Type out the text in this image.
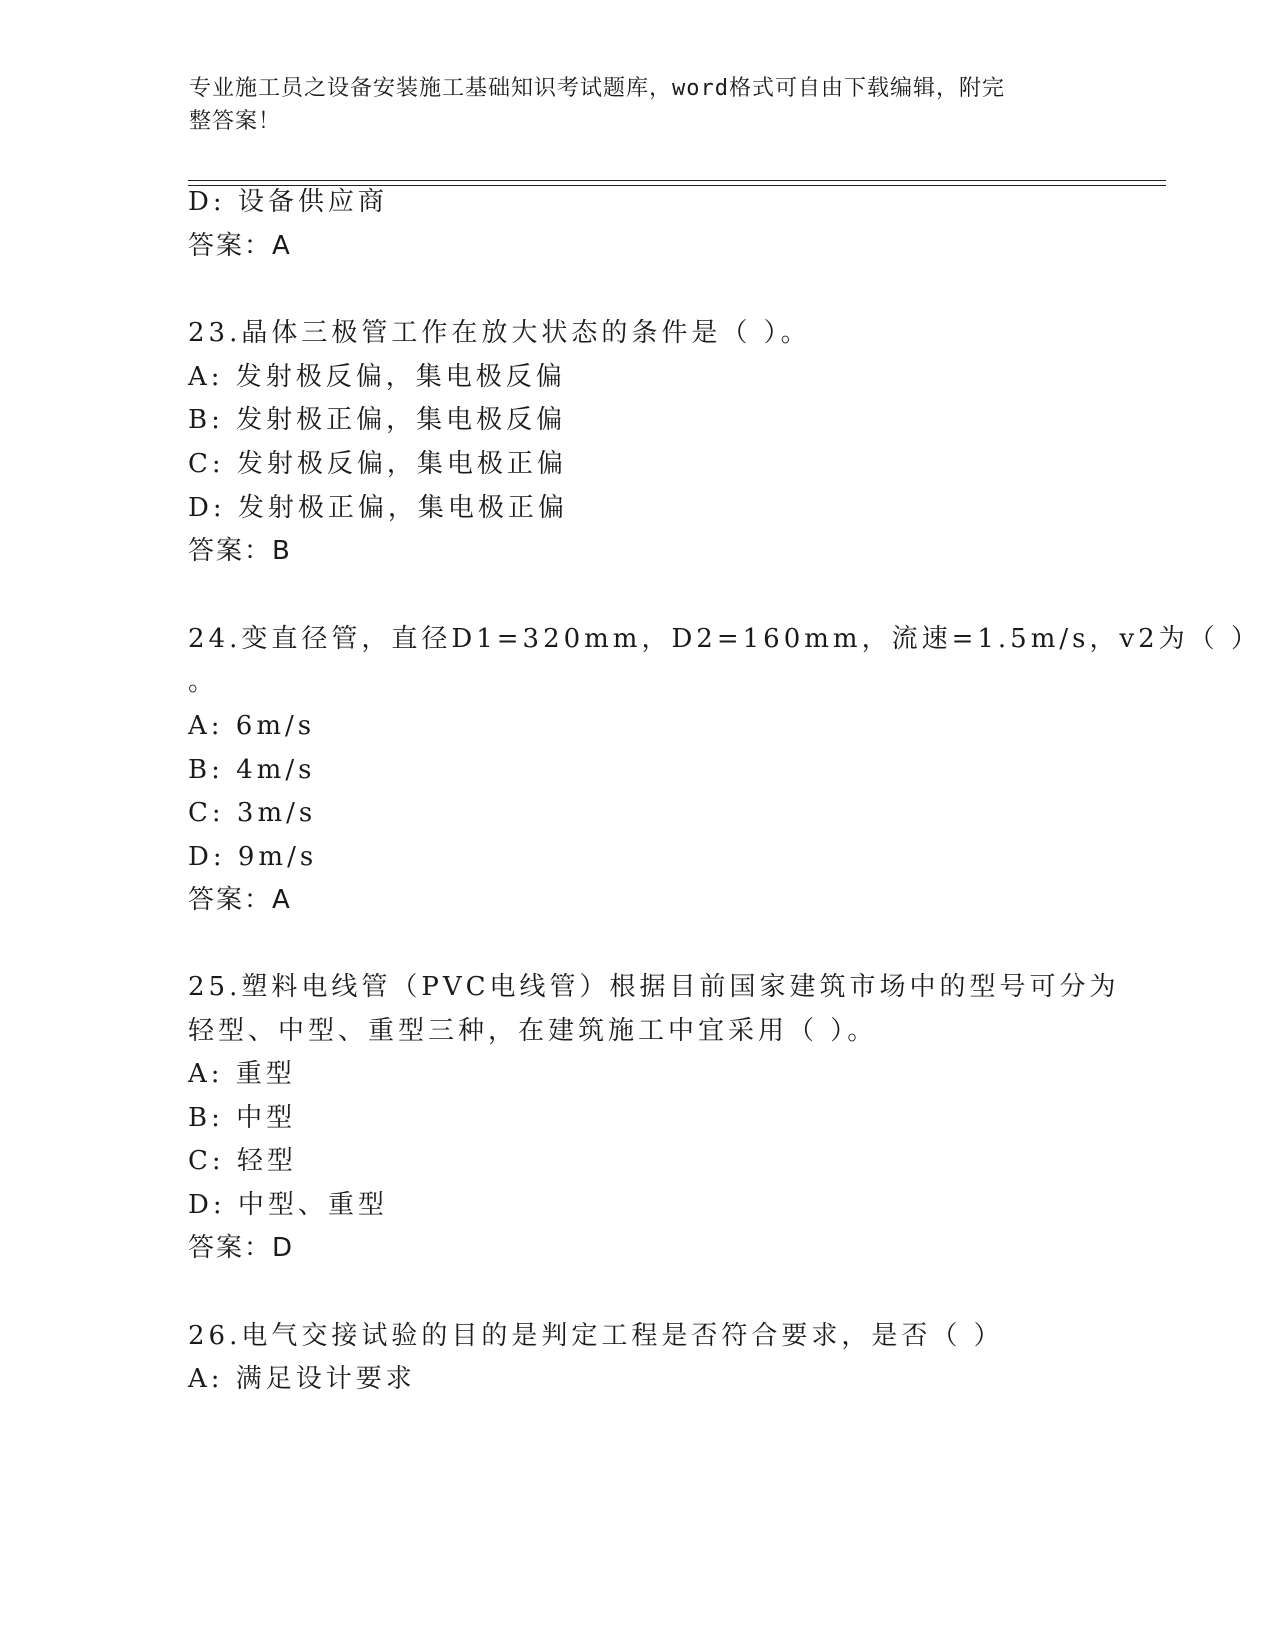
专业施工员之设备安装施工基础知识考试题库，word格式可自由下载编辑，附完
整答案！
D: 设备供应商
答案：A
23.晶体三极管工作在放大状态的条件是（ ）。
A: 发射极反偏，集电极反偏
B: 发射极正偏，集电极反偏
C: 发射极反偏，集电极正偏
D: 发射极正偏，集电极正偏
答案：B
24.变直径管，直径D1=320mm，D2=160mm，流速=1.5m/s，v2为（ ）
。
A: 6m/s
B: 4m/s
C: 3m/s
D: 9m/s
答案：A
25.塑料电线管（PVC电线管）根据目前国家建筑市场中的型号可分为
轻型、中型、重型三种，在建筑施工中宜采用（ ）。
A: 重型
B: 中型
C: 轻型
D: 中型、重型
答案：D
26.电气交接试验的目的是判定工程是否符合要求，是否（ ）
A: 满足设计要求
